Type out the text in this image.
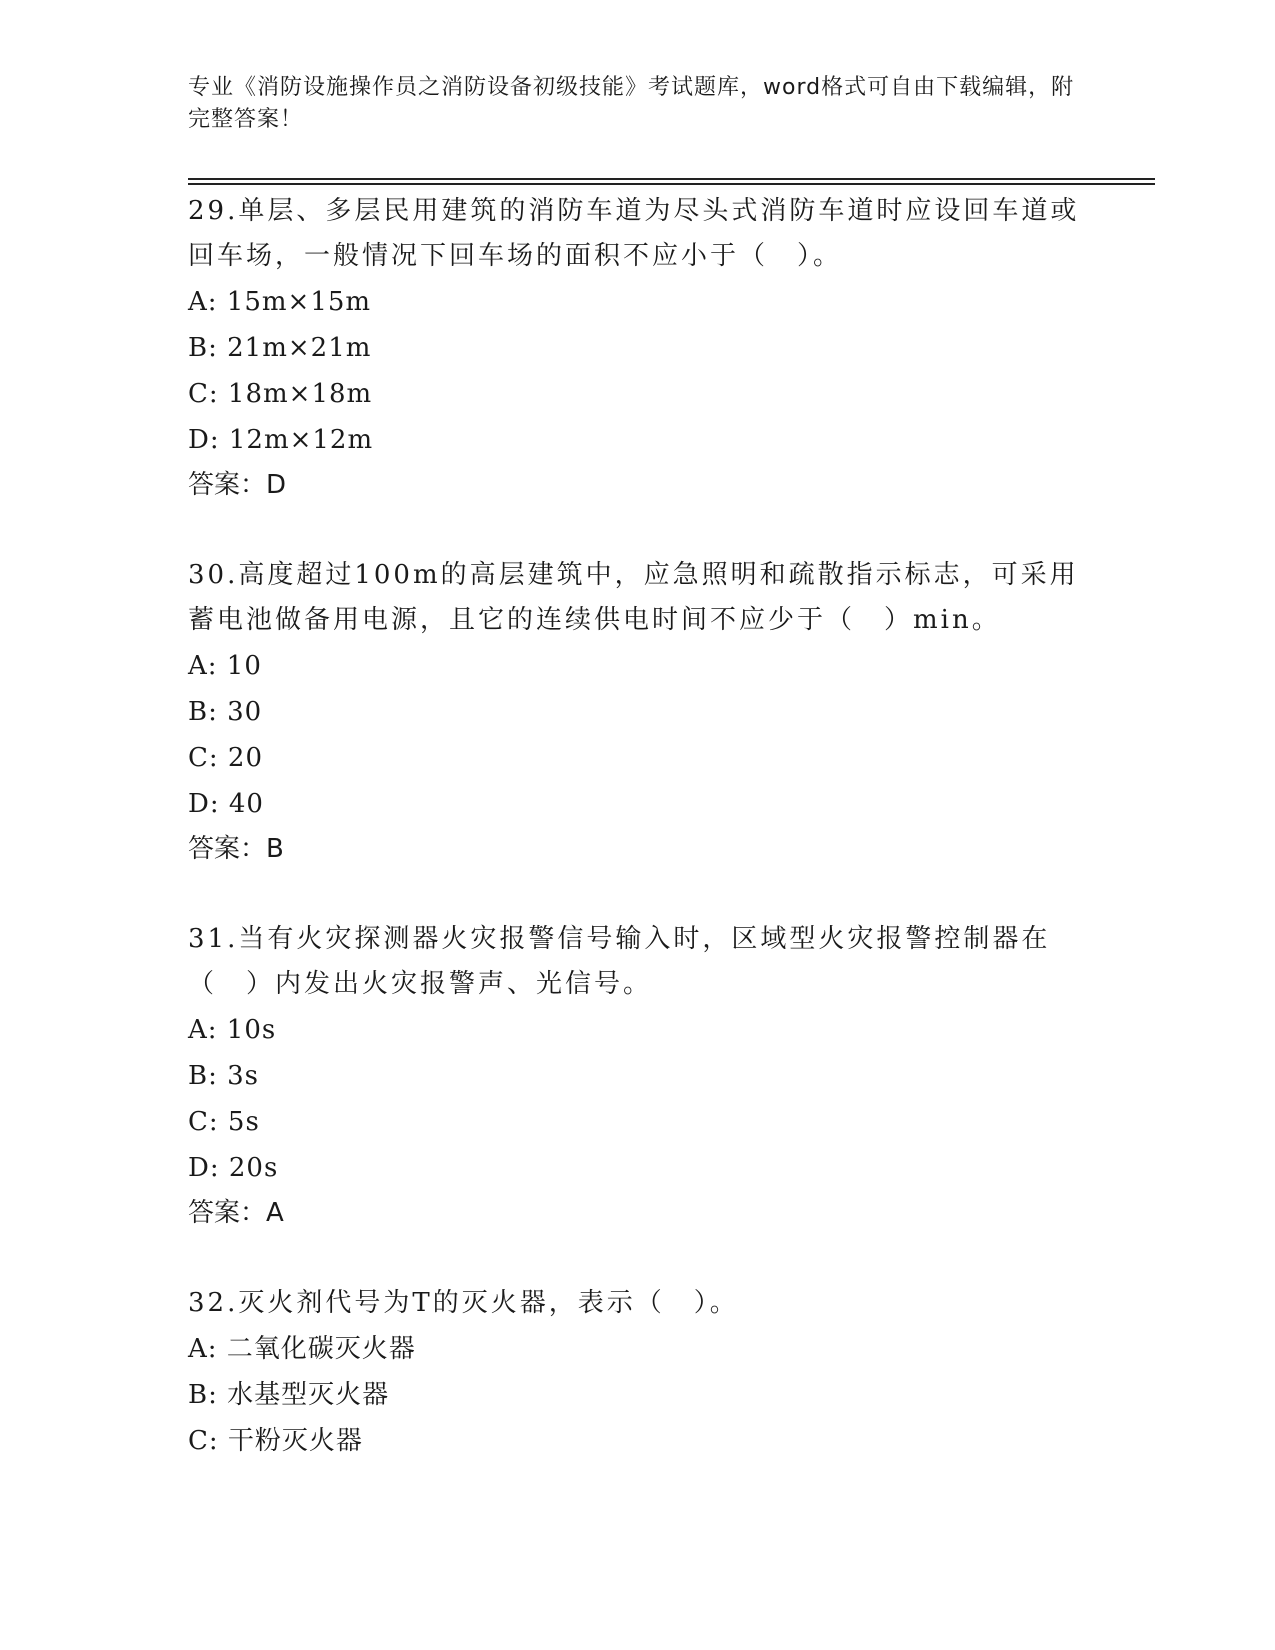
专业《消防设施操作员之消防设备初级技能》考试题库，word格式可自由下载编辑，附完整答案！

29.单层、多层民用建筑的消防车道为尽头式消防车道时应设回车道或回车场，一般情况下回车场的面积不应小于（　）。

A: 15m×15m

B: 21m×21m

C: 18m×18m

D: 12m×12m

答案：D

30.高度超过100m的高层建筑中，应急照明和疏散指示标志，可采用蓄电池做备用电源，且它的连续供电时间不应少于（　）min。

A: 10

B: 30

C: 20

D: 40

答案：B

31.当有火灾探测器火灾报警信号输入时，区域型火灾报警控制器在（　）内发出火灾报警声、光信号。

A: 10s

B: 3s

C: 5s

D: 20s

答案：A

32.灭火剂代号为T的灭火器，表示（　）。

A: 二氧化碳灭火器

B: 水基型灭火器

C: 干粉灭火器
